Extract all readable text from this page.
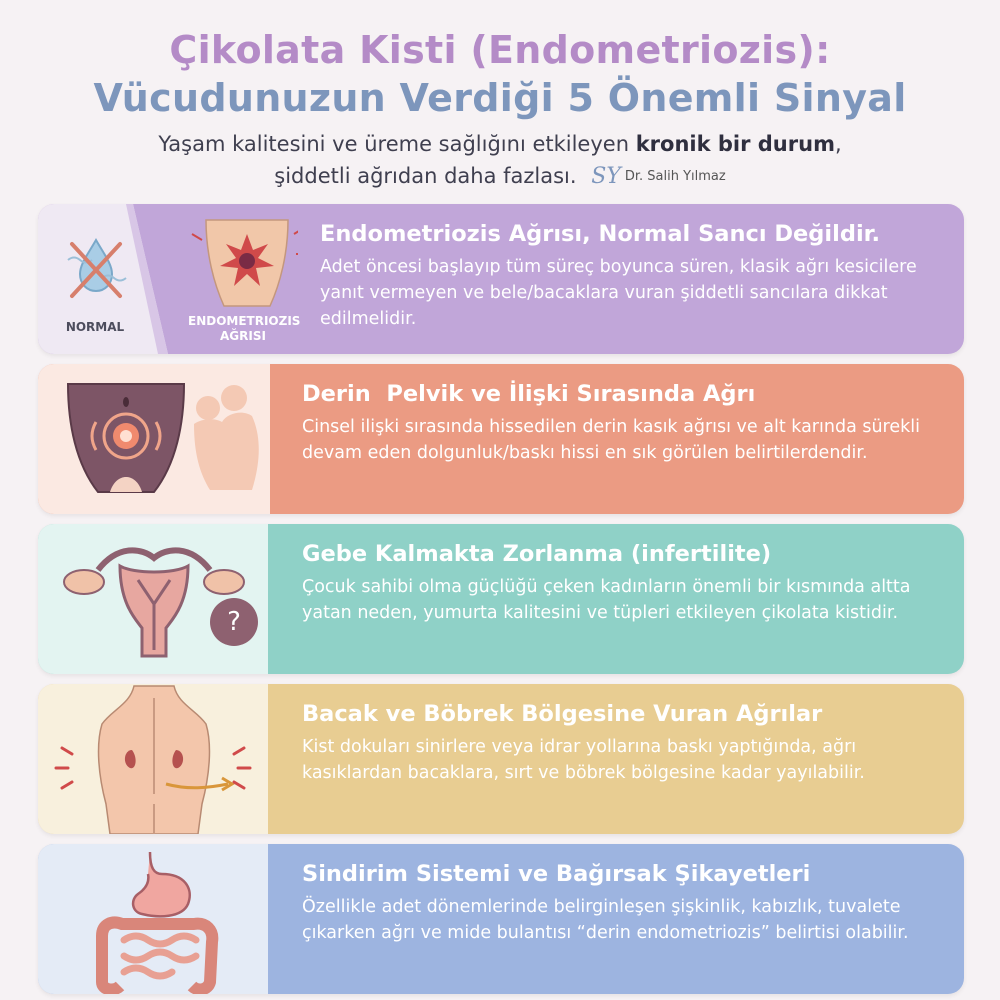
Çikolata Kisti (Endometriozis):
Vücudunuzun Verdiği 5 Önemli Sinyal
Yaşam kalitesini ve üreme sağlığını etkileyen kronik bir durum,
şiddetli ağrıdan daha fazlası. SY Dr. Salih Yılmaz
NORMAL	ENDOMETRIOZIS AĞRISI
Endometriozis Ağrısı, Normal Sancı Değildir.

Adet öncesi başlayıp tüm süreç boyunca süren, klasik ağrı kesicilere yanıt vermeyen ve bele/bacaklara vuran şiddetli sancılara dikkat edilmelidir.

Derin  Pelvik ve İlişki Sırasında Ağrı

Cinsel ilişki sırasında hissedilen derin kasık ağrısı ve alt karında sürekli devam eden dolgunluk/baskı hissi en sık görülen belirtilerdendir.

?
Gebe Kalmakta Zorlanma (infertilite)

Çocuk sahibi olma güçlüğü çeken kadınların önemli bir kısmında altta yatan neden, yumurta kalitesini ve tüpleri etkileyen çikolata kistidir.

Bacak ve Böbrek Bölgesine Vuran Ağrılar

Kist dokuları sinirlere veya idrar yollarına baskı yaptığında, ağrı kasıklardan bacaklara, sırt ve böbrek bölgesine kadar yayılabilir.

Sindirim Sistemi ve Bağırsak Şikayetleri

Özellikle adet dönemlerinde belirginleşen şişkinlik, kabızlık, tuvalete çıkarken ağrı ve mide bulantısı “derin endometriozis” belirtisi olabilir.
